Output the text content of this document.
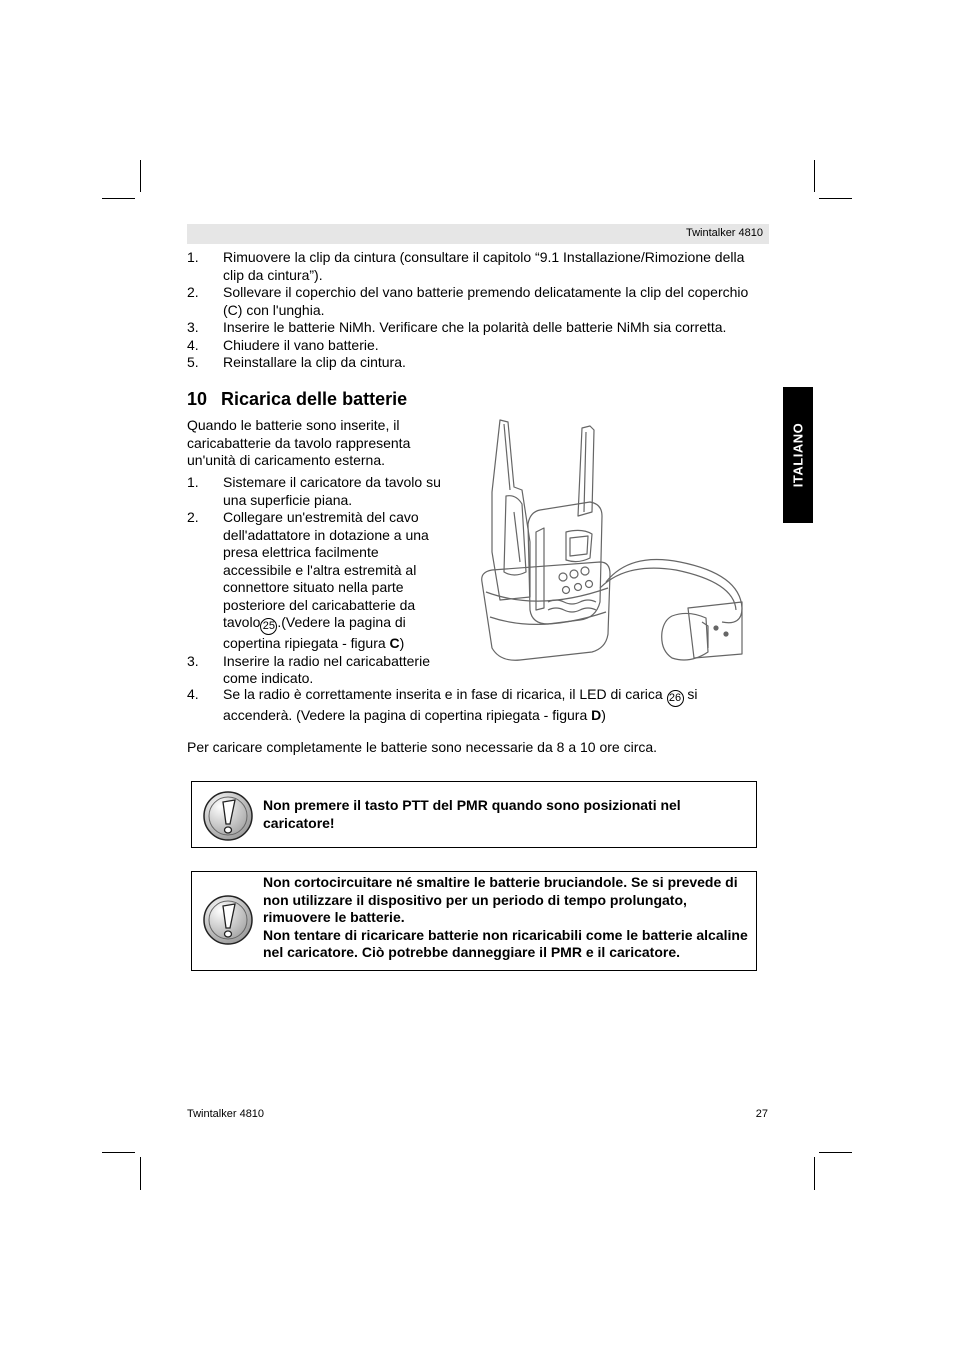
Twintalker 4810
ITALIANO
1. Rimuovere la clip da cintura (consultare il capitolo “9.1 Installazione/Rimozione della clip da cintura”).
2. Sollevare il coperchio del vano batterie premendo delicatamente la clip del coperchio (C) con l'unghia.
3. Inserire le batterie NiMh. Verificare che la polarità delle batterie NiMh sia corretta.
4. Chiudere il vano batterie.
5. Reinstallare la clip da cintura.
10 Ricarica delle batterie

Quando le batterie sono inserite, il caricabatterie da tavolo rappresenta un'unità di caricamento esterna.

1. Sistemare il caricatore da tavolo su una superficie piana.
2. Collegare un'estremità del cavo dell'adattatore in dotazione a una presa elettrica facilmente accessibile e l'altra estremità al connettore situato nella parte posteriore del caricabatterie da tavolo 25 .(Vedere la pagina di copertina ripiegata - figura C)
3. Inserire la radio nel caricabatterie come indicato.
4. Se la radio è correttamente inserita e in fase di ricarica, il LED di carica 26 si accenderà. (Vedere la pagina di copertina ripiegata - figura D)

Per caricare completamente le batterie sono necessarie da 8 a 10 ore circa.

Non premere il tasto PTT del PMR quando sono posizionati nel caricatore!

Non cortocircuitare né smaltire le batterie bruciandole. Se si prevede di non utilizzare il dispositivo per un periodo di tempo prolungato, rimuovere le batterie.
Non tentare di ricaricare batterie non ricaricabili come le batterie alcaline nel caricatore. Ciò potrebbe danneggiare il PMR e il caricatore.
Twintalker 4810	27
